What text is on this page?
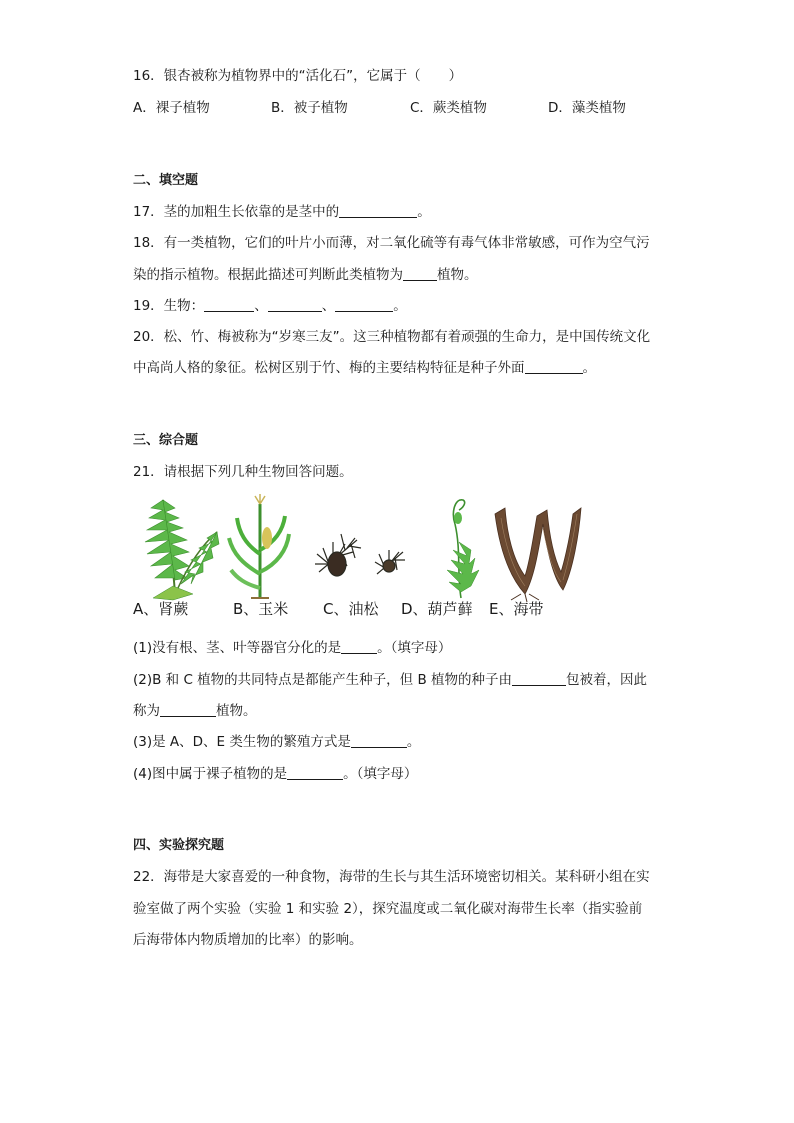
16．银杏被称为植物界中的“活化石”，它属于（ ）
A．裸子植物	B．被子植物	C．蕨类植物	D．藻类植物
二、填空题
17．茎的加粗生长依靠的是茎中的	。
18．有一类植物，它们的叶片小而薄，对二氧化硫等有毒气体非常敏感，可作为空气污
染的指示植物。根据此描述可判断此类植物为	植物。
19．生物：	、	、	。
20．松、竹、梅被称为“岁寒三友”。这三种植物都有着顽强的生命力，是中国传统文化
中高尚人格的象征。松树区别于竹、梅的主要结构特征是种子外面	。
三、综合题
21．请根据下列几种生物回答问题。
A、肾蕨	B、玉米 C、油松 D、葫芦藓 E、海带
(1)没有根、茎、叶等器官分化的是	。（填字母）
(2)B 和 C 植物的共同特点是都能产生种子，但 B 植物的种子由	包被着，因此
称为	植物。
(3)是 A、D、E 类生物的繁殖方式是	。
(4)图中属于裸子植物的是	。（填字母）
四、实验探究题
22．海带是大家喜爱的一种食物，海带的生长与其生活环境密切相关。某科研小组在实
验室做了两个实验（实验 1 和实验 2），探究温度或二氧化碳对海带生长率（指实验前
后海带体内物质增加的比率）的影响。
